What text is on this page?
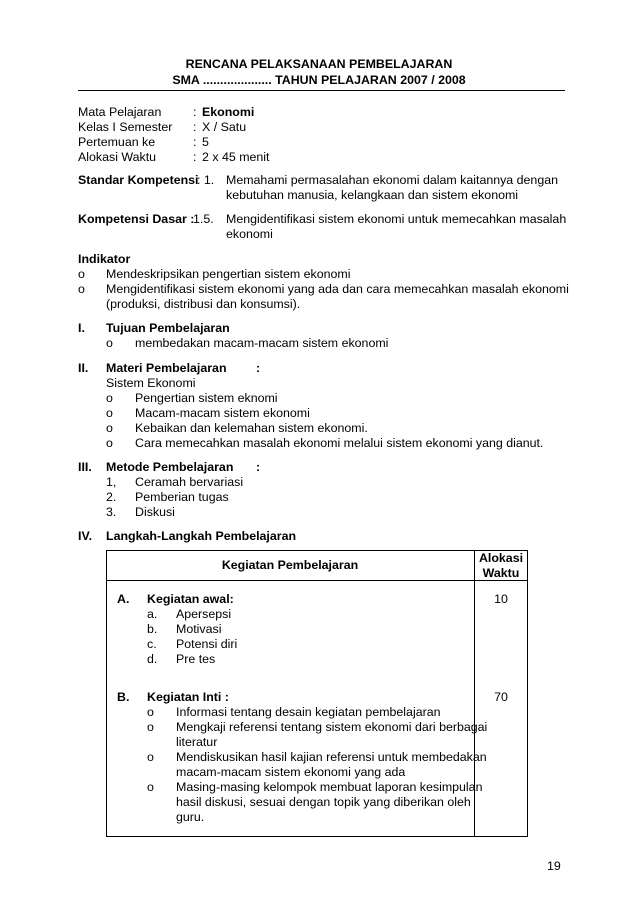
RENCANA PELAKSANAAN PEMBELAJARAN
SMA .................... TAHUN PELAJARAN 2007 / 2008
Mata Pelajaran	: Ekonomi
Kelas I Semester : X / Satu
Pertemuan ke	: 5
Alokasi Waktu	: 2 x 45 menit
Standar Kompetensi
: 1. Memahami permasalahan ekonomi dalam kaitannya dengan
kebutuhan manusia, kelangkaan dan sistem ekonomi
Kompetensi Dasar :
1.5. Mengidentifikasi sistem ekonomi untuk memecahkan masalah
ekonomi
Indikator
o Mendeskripsikan pengertian sistem ekonomi
o Mengidentifikasi sistem ekonomi yang ada dan cara memecahkan masalah ekonomi
(produksi, distribusi dan konsumsi).
I. Tujuan Pembelajaran
o membedakan macam-macam sistem ekonomi
II. Materi Pembelajaran :
Sistem Ekonomi
o Pengertian sistem eknomi
o Macam-macam sistem ekonomi
o Kebaikan dan kelemahan sistem ekonomi.
o Cara memecahkan masalah ekonomi melalui sistem ekonomi yang dianut.
III. Metode Pembelajaran :
1, Ceramah bervariasi
2. Pemberian tugas
3. Diskusi
IV. Langkah-Langkah Pembelajaran
Kegiatan Pembelajaran	Alokasi
Waktu
A. Kegiatan awal:	10
a. Apersepsi
b. Motivasi
c. Potensi diri
d. Pre tes
B. Kegiatan Inti :	70
o Informasi tentang desain kegiatan pembelajaran
o Mengkaji referensi tentang sistem ekonomi dari berbagai
literatur
o Mendiskusikan hasil kajian referensi untuk membedakan
macam-macam sistem ekonomi yang ada
o Masing-masing kelompok membuat laporan kesimpulan
hasil diskusi, sesuai dengan topik yang diberikan oleh
guru.
19
